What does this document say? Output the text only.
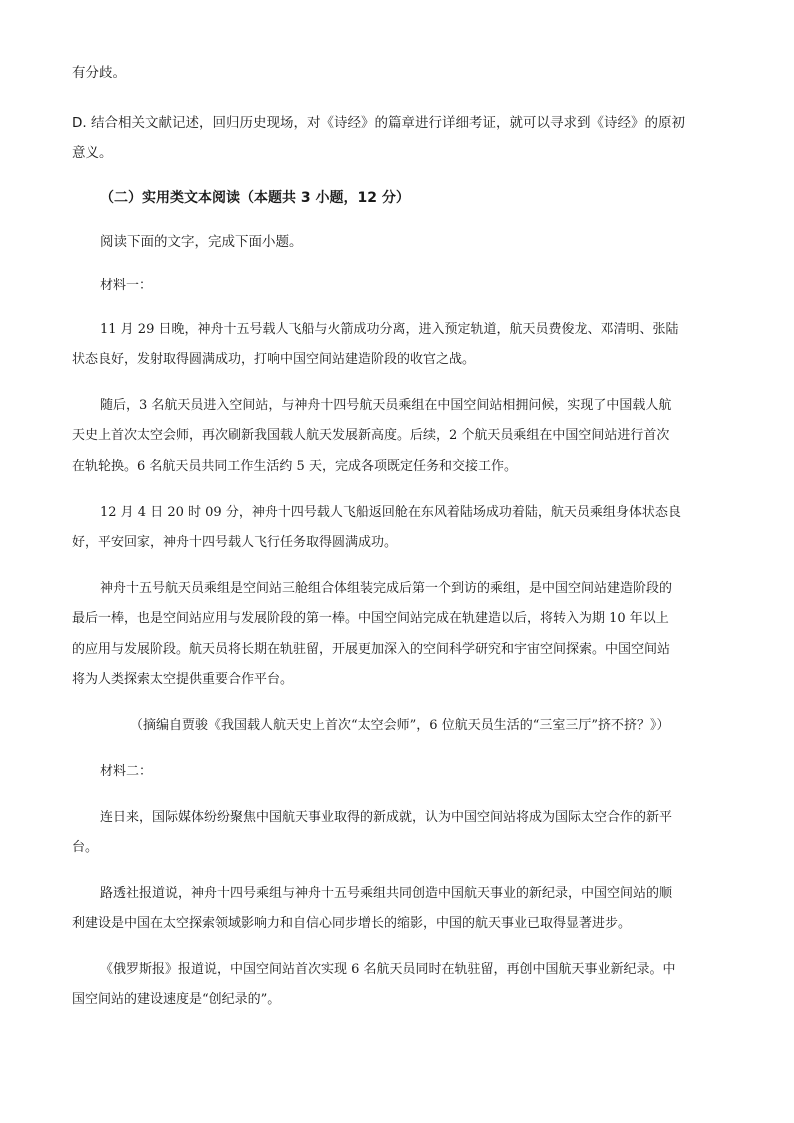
有分歧。
D. 结合相关文献记述，回归历史现场，对《诗经》的篇章进行详细考证，就可以寻求到《诗经》的原初
意义。
（二）实用类文本阅读（本题共 3 小题，12 分）
阅读下面的文字，完成下面小题。
材料一：
11 月 29 日晚，神舟十五号载人飞船与火箭成功分离，进入预定轨道，航天员费俊龙、邓清明、张陆
状态良好，发射取得圆满成功，打响中国空间站建造阶段的收官之战。
随后，3 名航天员进入空间站，与神舟十四号航天员乘组在中国空间站相拥问候，实现了中国载人航
天史上首次太空会师，再次刷新我国载人航天发展新高度。后续，2 个航天员乘组在中国空间站进行首次
在轨轮换。6 名航天员共同工作生活约 5 天，完成各项既定任务和交接工作。
12 月 4 日 20 时 09 分，神舟十四号载人飞船返回舱在东风着陆场成功着陆，航天员乘组身体状态良
好，平安回家，神舟十四号载人飞行任务取得圆满成功。
神舟十五号航天员乘组是空间站三舱组合体组装完成后第一个到访的乘组，是中国空间站建造阶段的
最后一棒，也是空间站应用与发展阶段的第一棒。中国空间站完成在轨建造以后，将转入为期 10 年以上
的应用与发展阶段。航天员将长期在轨驻留，开展更加深入的空间科学研究和宇宙空间探索。中国空间站
将为人类探索太空提供重要合作平台。
（摘编自贾骏《我国载人航天史上首次“太空会师”，6 位航天员生活的“三室三厅”挤不挤？》）
材料二：
连日来，国际媒体纷纷聚焦中国航天事业取得的新成就，认为中国空间站将成为国际太空合作的新平
台。
路透社报道说，神舟十四号乘组与神舟十五号乘组共同创造中国航天事业的新纪录，中国空间站的顺
利建设是中国在太空探索领域影响力和自信心同步增长的缩影，中国的航天事业已取得显著进步。
《俄罗斯报》报道说，中国空间站首次实现 6 名航天员同时在轨驻留，再创中国航天事业新纪录。中
国空间站的建设速度是“创纪录的”。
